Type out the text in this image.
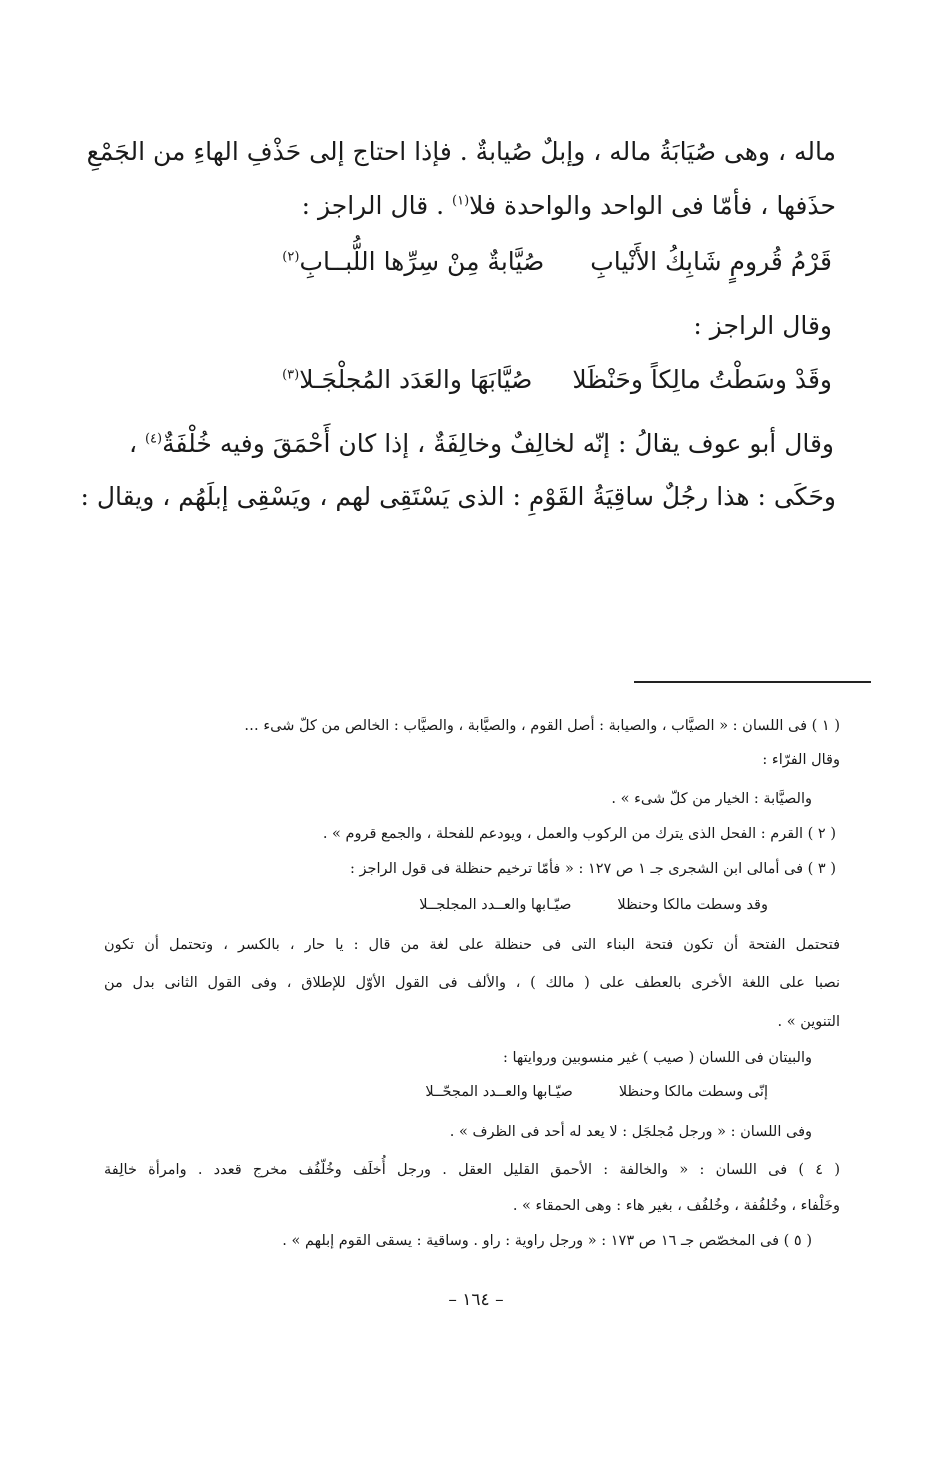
ماله ، وهى صُيَابَةُ ماله ، وإبلٌ صُيابةٌ . فإذا احتاج إلى حَذْفِ الهاءِ من الجَمْعِ
حذَفها ، فأمّا فى الواحد والواحدة فلا$^{(١)}$ . قال الراجز :
قَرْمُ قُرومٍ شَابِكُ الأَنْيابِ
صُيَّابةٌ مِنْ سِرِّها اللُّبــابِ$^{(٢)}$
وقال الراجز :
وقَدْ وسَطْتُ مالِكاً وحَنْظَلا
صُيَّابَهَا والعَدَد المُجلْجَـلا$^{(٣)}$
وقال أبو عوف يقالُ : إنّه لخالِفٌ وخالِفَةٌ ، إذا كان أَحْمَقَ وفيه خُلْفَةٌ$^{(٤)}$ ،
وحَكَى : هذا رجُلٌ ساقِيَةُ القَوْمِ : الذى يَسْتَقِى لهم ، ويَسْقِى إبلَهُم ، ويقال :
( ١ ) فى اللسان : « الصيَّاب ، والصيابة : أصل القوم ، والصيَّابة ، والصيَّاب : الخالص من كلّ شىء …
وقال الفرّاء :
والصيَّابة : الخيار من كلّ شىء » .
( ٢ ) القرم : الفحل الذى يترك من الركوب والعمل ، ويودعم للفحلة ، والجمع قروم » .
( ٣ ) فى أمالى ابن الشجرى جـ ١ ص ١٢٧ : « فأمّا ترخيم حنظلة فى قول الراجز :
وقد وسطت مالكا وحنظلا
صيّـابها والعــدد المجلجــلا
فتحتمل الفتحة أن تكون فتحة البناء التى فى حنظلة على لغة من قال : يا حار ، بالكسر ، وتحتمل أن تكون
نصبا على اللغة الأخرى بالعطف على ( مالك ) ، والألف فى القول الأوّل للإطلاق ، وفى القول الثانى بدل من
التنوين » .
والبيتان فى اللسان ( صيب ) غير منسوبين وروايتها :
إنّى وسطت مالكا وحنظلا
صيّـابها والعــدد المجحّــلا
وفى اللسان : « ورجل مُجلجَل : لا يعد له أحد فى الظرف » .
( ٤ ) فى اللسان : « والخالفة : الأحمق القليل العقل . ورجل أُخلَف وخُلّفُف مخرج قعدد . وامرأة خالِفة
وخَلْفاء ، وخُلفُفة ، وخُلفُف ، بغير هاء : وهى الحمقاء » .
( ٥ ) فى المخصّص جـ ١٦ ص ١٧٣ : « ورجل راوية : راو . وساقية : يسقى القوم إبلهم » .
– ١٦٤ –
